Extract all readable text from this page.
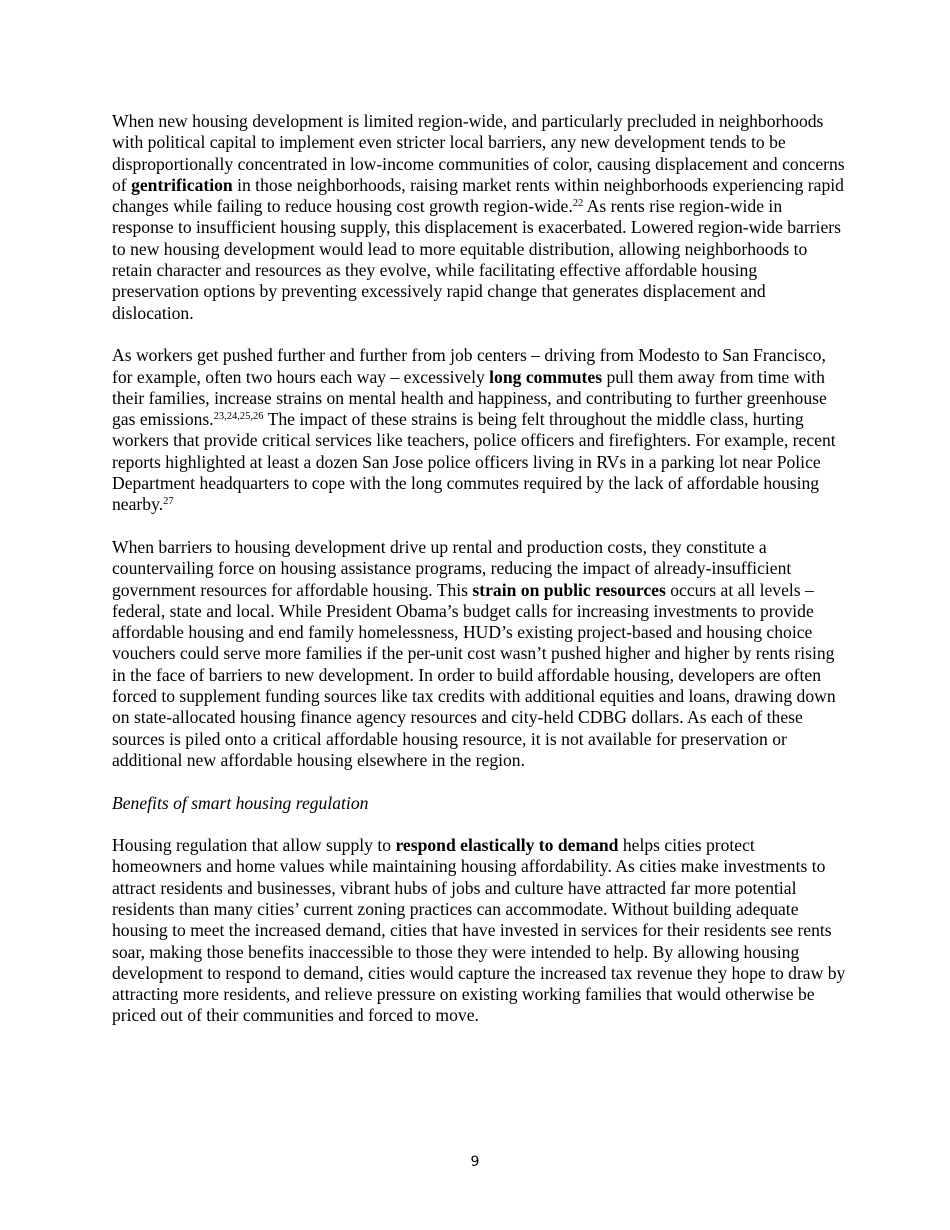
When new housing development is limited region-wide, and particularly precluded in neighborhoods with political capital to implement even stricter local barriers, any new development tends to be disproportionally concentrated in low-income communities of color, causing displacement and concerns of gentrification in those neighborhoods, raising market rents within neighborhoods experiencing rapid changes while failing to reduce housing cost growth region-wide.$^{22}$ As rents rise region-wide in response to insufficient housing supply, this displacement is exacerbated. Lowered region-wide barriers to new housing development would lead to more equitable distribution, allowing neighborhoods to retain character and resources as they evolve, while facilitating effective affordable housing preservation options by preventing excessively rapid change that generates displacement and dislocation.

As workers get pushed further and further from job centers – driving from Modesto to San Francisco, for example, often two hours each way – excessively long commutes pull them away from time with their families, increase strains on mental health and happiness, and contributing to further greenhouse gas emissions.$^{23,24,25,26}$ The impact of these strains is being felt throughout the middle class, hurting workers that provide critical services like teachers, police officers and firefighters. For example, recent reports highlighted at least a dozen San Jose police officers living in RVs in a parking lot near Police Department headquarters to cope with the long commutes required by the lack of affordable housing nearby.$^{27}$

When barriers to housing development drive up rental and production costs, they constitute a countervailing force on housing assistance programs, reducing the impact of already-insufficient government resources for affordable housing. This strain on public resources occurs at all levels – federal, state and local. While President Obama’s budget calls for increasing investments to provide affordable housing and end family homelessness, HUD’s existing project-based and housing choice vouchers could serve more families if the per-unit cost wasn’t pushed higher and higher by rents rising in the face of barriers to new development. In order to build affordable housing, developers are often forced to supplement funding sources like tax credits with additional equities and loans, drawing down on state-allocated housing finance agency resources and city-held CDBG dollars. As each of these sources is piled onto a critical affordable housing resource, it is not available for preservation or additional new affordable housing elsewhere in the region.

Benefits of smart housing regulation

Housing regulation that allow supply to respond elastically to demand helps cities protect homeowners and home values while maintaining housing affordability. As cities make investments to attract residents and businesses, vibrant hubs of jobs and culture have attracted far more potential residents than many cities’ current zoning practices can accommodate. Without building adequate housing to meet the increased demand, cities that have invested in services for their residents see rents soar, making those benefits inaccessible to those they were intended to help. By allowing housing development to respond to demand, cities would capture the increased tax revenue they hope to draw by attracting more residents, and relieve pressure on existing working families that would otherwise be priced out of their communities and forced to move.

9
